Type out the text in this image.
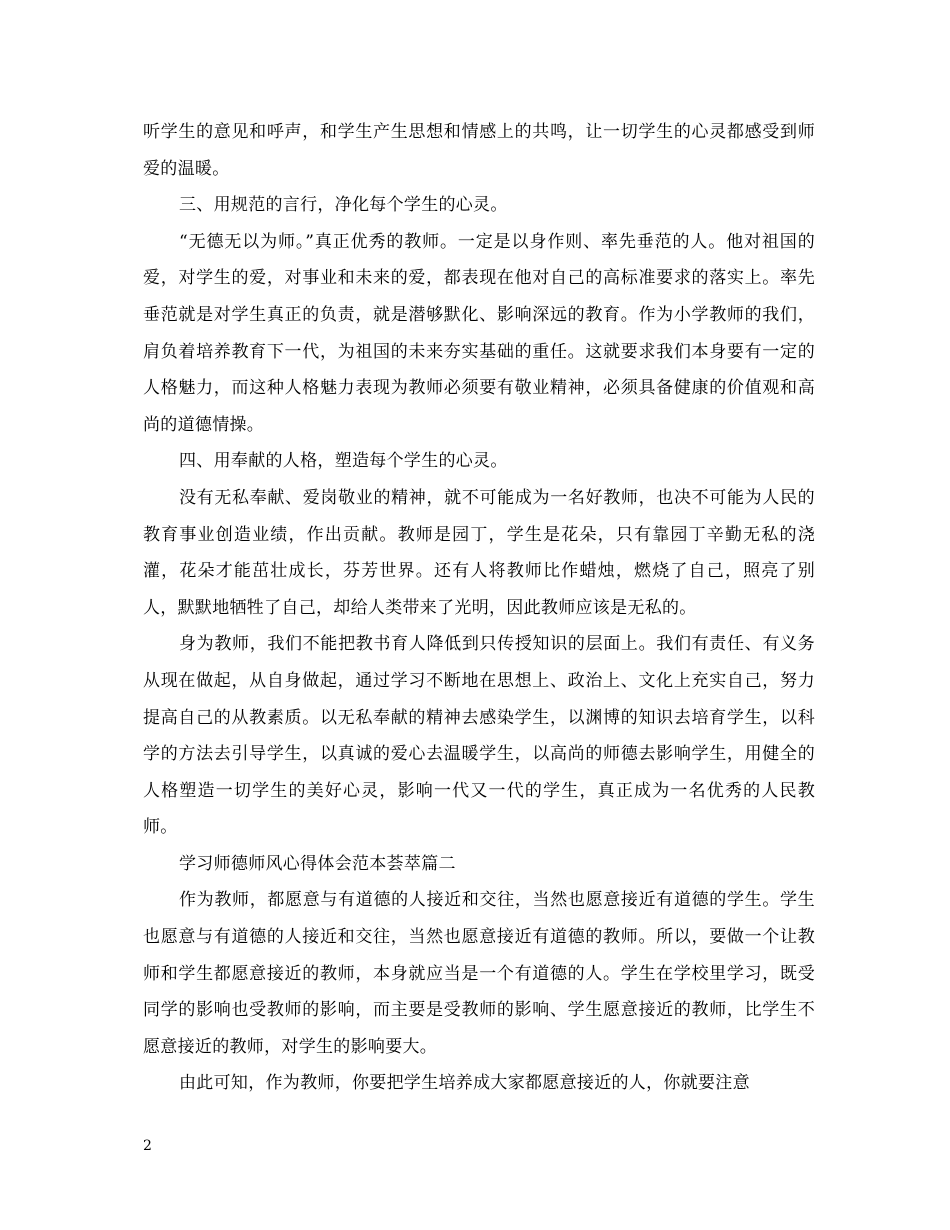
听学生的意见和呼声，和学生产生思想和情感上的共鸣，让一切学生的心灵都感受到师爱的温暖。

三、用规范的言行，净化每个学生的心灵。

“无德无以为师。”真正优秀的教师。一定是以身作则、率先垂范的人。他对祖国的爱，对学生的爱，对事业和未来的爱，都表现在他对自己的高标准要求的落实上。率先垂范就是对学生真正的负责，就是潜够默化、影响深远的教育。作为小学教师的我们，肩负着培养教育下一代，为祖国的未来夯实基础的重任。这就要求我们本身要有一定的人格魅力，而这种人格魅力表现为教师必须要有敬业精神，必须具备健康的价值观和高尚的道德情操。

四、用奉献的人格，塑造每个学生的心灵。

没有无私奉献、爱岗敬业的精神，就不可能成为一名好教师，也决不可能为人民的教育事业创造业绩，作出贡献。教师是园丁，学生是花朵，只有靠园丁辛勤无私的浇灌，花朵才能茁壮成长，芬芳世界。还有人将教师比作蜡烛，燃烧了自己，照亮了别人，默默地牺牲了自己，却给人类带来了光明，因此教师应该是无私的。

身为教师，我们不能把教书育人降低到只传授知识的层面上。我们有责任、有义务从现在做起，从自身做起，通过学习不断地在思想上、政治上、文化上充实自己，努力提高自己的从教素质。以无私奉献的精神去感染学生，以渊博的知识去培育学生，以科学的方法去引导学生，以真诚的爱心去温暖学生，以高尚的师德去影响学生，用健全的人格塑造一切学生的美好心灵，影响一代又一代的学生，真正成为一名优秀的人民教师。

学习师德师风心得体会范本荟萃篇二

作为教师，都愿意与有道德的人接近和交往，当然也愿意接近有道德的学生。学生也愿意与有道德的人接近和交往，当然也愿意接近有道德的教师。所以，要做一个让教师和学生都愿意接近的教师，本身就应当是一个有道德的人。学生在学校里学习，既受同学的影响也受教师的影响，而主要是受教师的影响、学生愿意接近的教师，比学生不愿意接近的教师，对学生的影响要大。

由此可知，作为教师，你要把学生培养成大家都愿意接近的人，你就要注意

2
